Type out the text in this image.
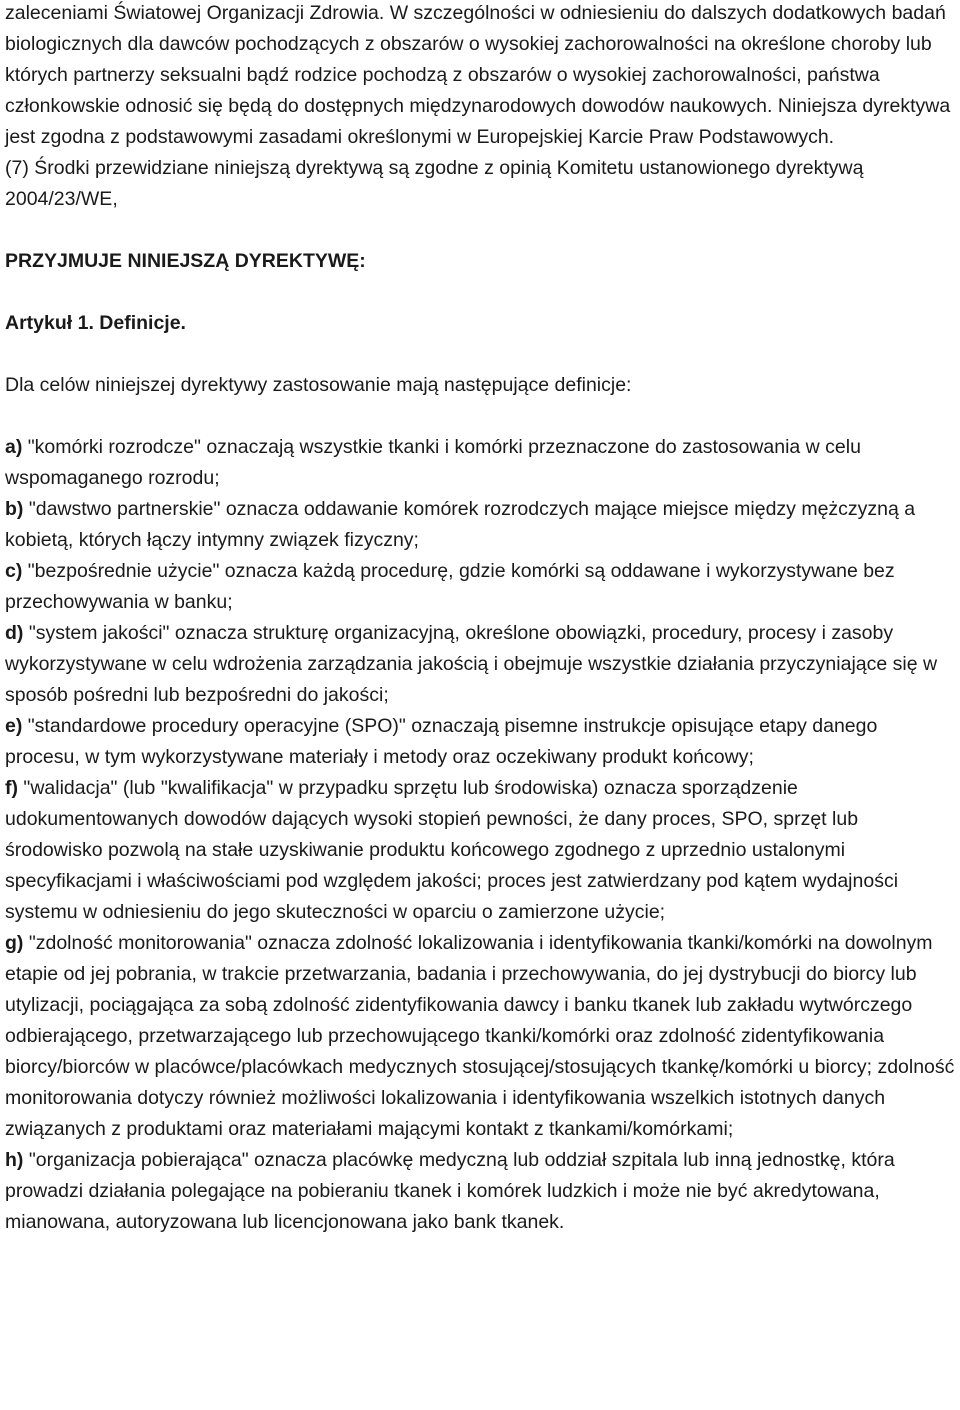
zaleceniami Światowej Organizacji Zdrowia. W szczególności w odniesieniu do dalszych dodatkowych badań biologicznych dla dawców pochodzących z obszarów o wysokiej zachorowalności na określone choroby lub których partnerzy seksualni bądź rodzice pochodzą z obszarów o wysokiej zachorowalności, państwa członkowskie odnosić się będą do dostępnych międzynarodowych dowodów naukowych. Niniejsza dyrektywa jest zgodna z podstawowymi zasadami określonymi w Europejskiej Karcie Praw Podstawowych.

(7) Środki przewidziane niniejszą dyrektywą są zgodne z opinią Komitetu ustanowionego dyrektywą 2004/23/WE,

PRZYJMUJE NINIEJSZĄ DYREKTYWĘ:

Artykuł 1. Definicje.

Dla celów niniejszej dyrektywy zastosowanie mają następujące definicje:

a) "komórki rozrodcze" oznaczają wszystkie tkanki i komórki przeznaczone do zastosowania w celu wspomaganego rozrodu;

b) "dawstwo partnerskie" oznacza oddawanie komórek rozrodczych mające miejsce między mężczyzną a kobietą, których łączy intymny związek fizyczny;

c) "bezpośrednie użycie" oznacza każdą procedurę, gdzie komórki są oddawane i wykorzystywane bez przechowywania w banku;

d) "system jakości" oznacza strukturę organizacyjną, określone obowiązki, procedury, procesy i zasoby wykorzystywane w celu wdrożenia zarządzania jakością i obejmuje wszystkie działania przyczyniające się w sposób pośredni lub bezpośredni do jakości;

e) "standardowe procedury operacyjne (SPO)" oznaczają pisemne instrukcje opisujące etapy danego procesu, w tym wykorzystywane materiały i metody oraz oczekiwany produkt końcowy;

f) "walidacja" (lub "kwalifikacja" w przypadku sprzętu lub środowiska) oznacza sporządzenie udokumentowanych dowodów dających wysoki stopień pewności, że dany proces, SPO, sprzęt lub środowisko pozwolą na stałe uzyskiwanie produktu końcowego zgodnego z uprzednio ustalonymi specyfikacjami i właściwościami pod względem jakości; proces jest zatwierdzany pod kątem wydajności systemu w odniesieniu do jego skuteczności w oparciu o zamierzone użycie;

g) "zdolność monitorowania" oznacza zdolność lokalizowania i identyfikowania tkanki/komórki na dowolnym etapie od jej pobrania, w trakcie przetwarzania, badania i przechowywania, do jej dystrybucji do biorcy lub utylizacji, pociągająca za sobą zdolność zidentyfikowania dawcy i banku tkanek lub zakładu wytwórczego odbierającego, przetwarzającego lub przechowującego tkanki/komórki oraz zdolność zidentyfikowania biorcy/biorców w placówce/placówkach medycznych stosującej/stosujących tkankę/komórki u biorcy; zdolność monitorowania dotyczy również możliwości lokalizowania i identyfikowania wszelkich istotnych danych związanych z produktami oraz materiałami mającymi kontakt z tkankami/komórkami;

h) "organizacja pobierająca" oznacza placówkę medyczną lub oddział szpitala lub inną jednostkę, która prowadzi działania polegające na pobieraniu tkanek i komórek ludzkich i może nie być akredytowana, mianowana, autoryzowana lub licencjonowana jako bank tkanek.
